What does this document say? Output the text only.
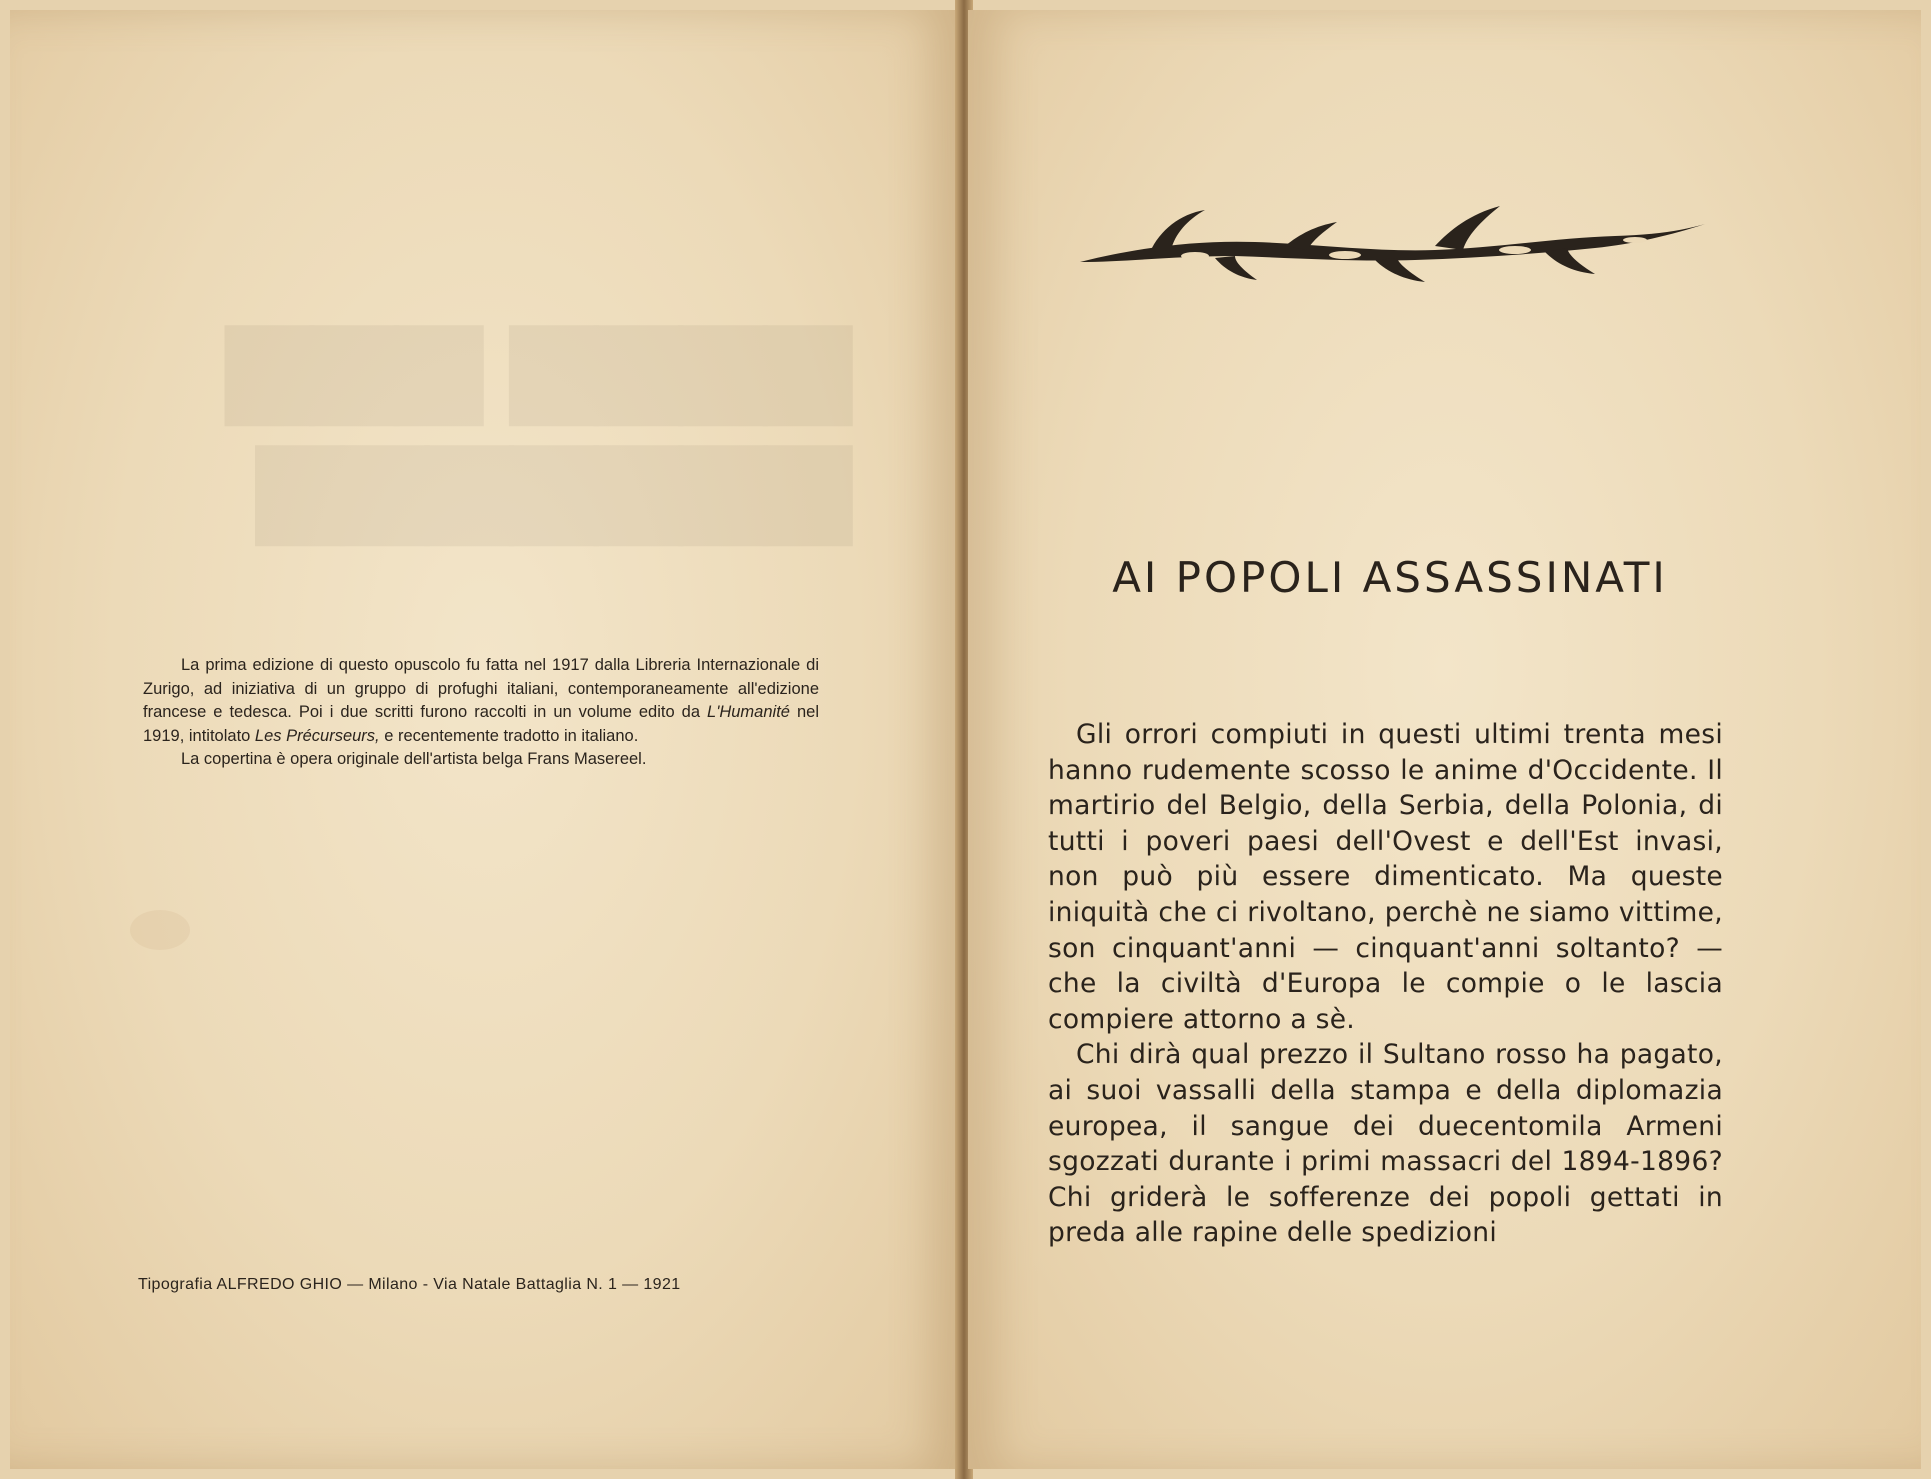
▆▆▆▆ ▆▆▆
▆▆▆▆▆▆▆

La prima edizione di questo opuscolo fu fatta nel 1917 dalla Libreria Internazionale di Zurigo, ad iniziativa di un gruppo di profughi italiani, contemporaneamente all'edizione francese e tedesca. Poi i due scritti furono raccolti in un volume edito da L'Humanité nel 1919, intitolato Les Précurseurs, e recentemente tradotto in italiano.

La copertina è opera originale dell'artista belga Frans Masereel.

Tipografia ALFREDO GHIO — Milano - Via Natale Battaglia N. 1 — 1921
AI POPOLI ASSASSINATI

Gli orrori compiuti in questi ultimi trenta mesi hanno rudemente scosso le anime d'Occidente. Il martirio del Belgio, della Serbia, della Polonia, di tutti i poveri paesi dell'Ovest e dell'Est invasi, non può più essere dimenticato. Ma queste iniquità che ci rivoltano, perchè ne siamo vittime, son cinquant'anni — cinquant'anni soltanto? — che la civiltà d'Europa le compie o le lascia compiere attorno a sè.

Chi dirà qual prezzo il Sultano rosso ha pagato, ai suoi vassalli della stampa e della diplomazia europea, il sangue dei duecentomila Armeni sgozzati durante i primi massacri del 1894-1896? Chi griderà le sofferenze dei popoli gettati in preda alle rapine delle spedizioni
